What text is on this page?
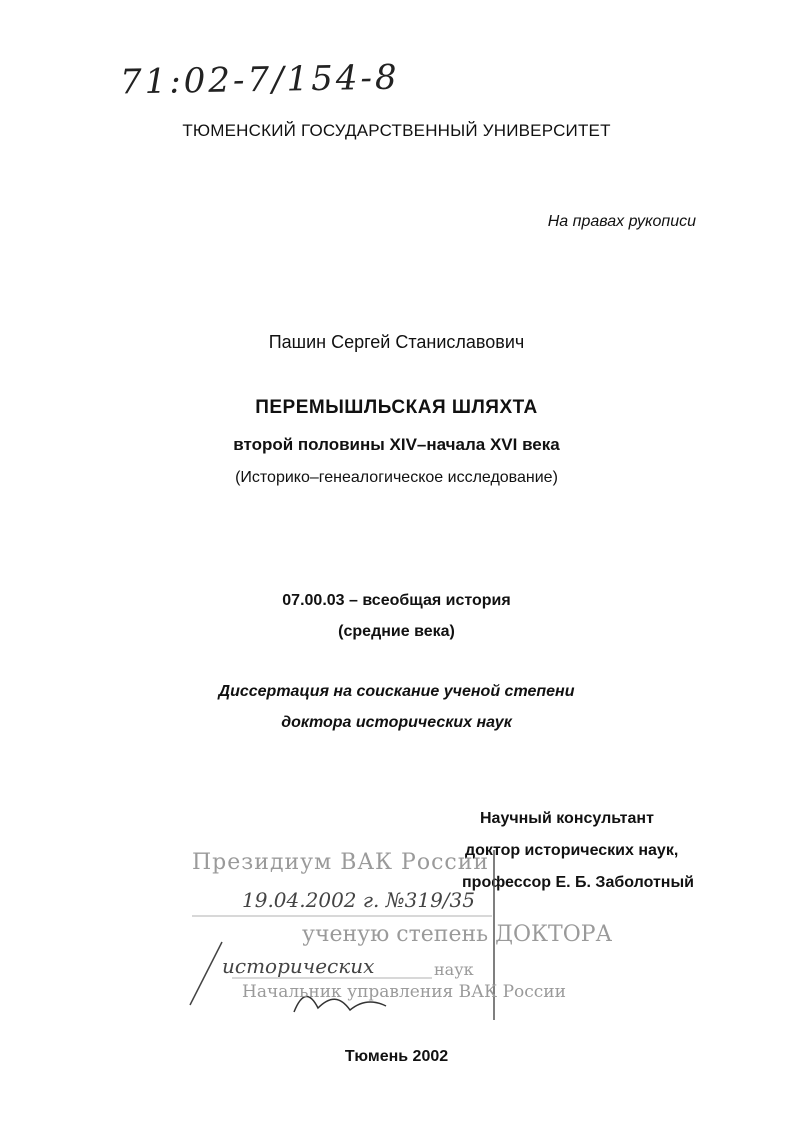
71:02-7/154-8
ТЮМЕНСКИЙ ГОСУДАРСТВЕННЫЙ УНИВЕРСИТЕТ
На правах рукописи
Пашин Сергей Станиславович
ПЕРЕМЫШЛЬСКАЯ ШЛЯХТА
второй половины XIV–начала XVI века
(Историко–генеалогическое исследование)
07.00.03 – всеобщая история
(средние века)
Диссертация на соискание ученой степени
доктора исторических наук
Научный консультант
доктор исторических наук,
профессор Е. Б. Заболотный
Президиум ВАК России
19.04.2002 г. №319/35
ученую степень ДОКТОРА
исторических	наук
Начальник управления ВАК России
Тюмень 2002
